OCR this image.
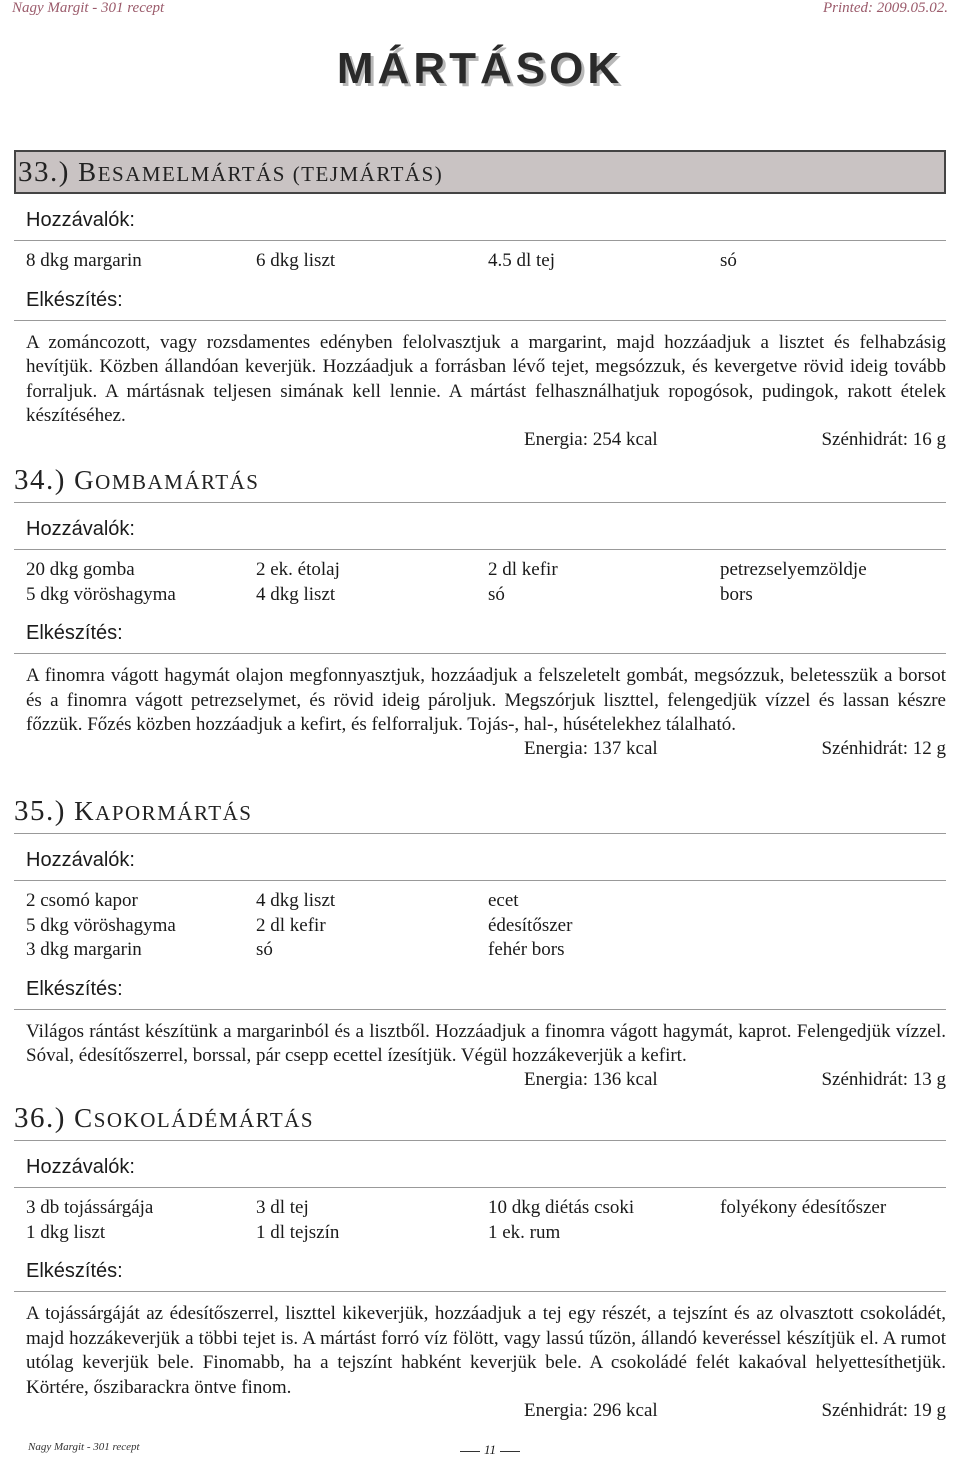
Nagy Margit - 301 recept	Printed: 2009.05.02.
MÁRTÁSOK
33.) BESAMELMÁRTÁS (TEJMÁRTÁS)
Hozzávalók:
8 dkg margarin	6 dkg liszt	4.5 dl tej	só
Elkészítés:
A zománcozott, vagy rozsdamentes edényben felolvasztjuk a margarint, majd hozzáadjuk a lisztet és felhabzásig hevítjük. Közben állandóan keverjük. Hozzáadjuk a forrásban lévő tejet, megsózzuk, és kevergetve rövid ideig tovább forraljuk. A mártásnak teljesen simának kell lennie. A mártást felhasználhatjuk ropogósok, pudingok, rakott ételek készítéséhez.
Energia: 254 kcal	Szénhidrát: 16 g
34.) GOMBAMÁRTÁS
Hozzávalók:
20 dkg gomba	2 ek. étolaj	2 dl kefir	petrezselyemzöldje
5 dkg vöröshagyma	4 dkg liszt	só	bors
Elkészítés:
A finomra vágott hagymát olajon megfonnyasztjuk, hozzáadjuk a felszeletelt gombát, megsózzuk, beletesszük a borsot és a finomra vágott petrezselymet, és rövid ideig pároljuk. Megszórjuk liszttel, felengedjük vízzel és lassan készre főzzük. Főzés közben hozzáadjuk a kefirt, és felforraljuk. Tojás-, hal-, húsételekhez tálalható.
Energia: 137 kcal	Szénhidrát: 12 g
35.) KAPORMÁRTÁS
Hozzávalók:
2 csomó kapor	4 dkg liszt	ecet
5 dkg vöröshagyma	2 dl kefir	édesítőszer
3 dkg margarin	só	fehér bors
Elkészítés:
Világos rántást készítünk a margarinból és a lisztből. Hozzáadjuk a finomra vágott hagymát, kaprot. Felengedjük vízzel. Sóval, édesítőszerrel, borssal, pár csepp ecettel ízesítjük. Végül hozzákeverjük a kefirt.
Energia: 136 kcal	Szénhidrát: 13 g
36.) CSOKOLÁDÉMÁRTÁS
Hozzávalók:
3 db tojássárgája	3 dl tej	10 dkg diétás csoki	folyékony édesítőszer
1 dkg liszt	1 dl tejszín	1 ek. rum
Elkészítés:
A tojássárgáját az édesítőszerrel, liszttel kikeverjük, hozzáadjuk a tej egy részét, a tejszínt és az olvasztott csokoládét, majd hozzákeverjük a többi tejet is. A mártást forró víz fölött, vagy lassú tűzön, állandó keveréssel készítjük el. A rumot utólag keverjük bele. Finomabb, ha a tejszínt habként keverjük bele. A csokoládé felét kakaóval helyettesíthetjük. Körtére, őszibarackra öntve finom.
Energia: 296 kcal	Szénhidrát: 19 g
Nagy Margit - 301 recept	11
